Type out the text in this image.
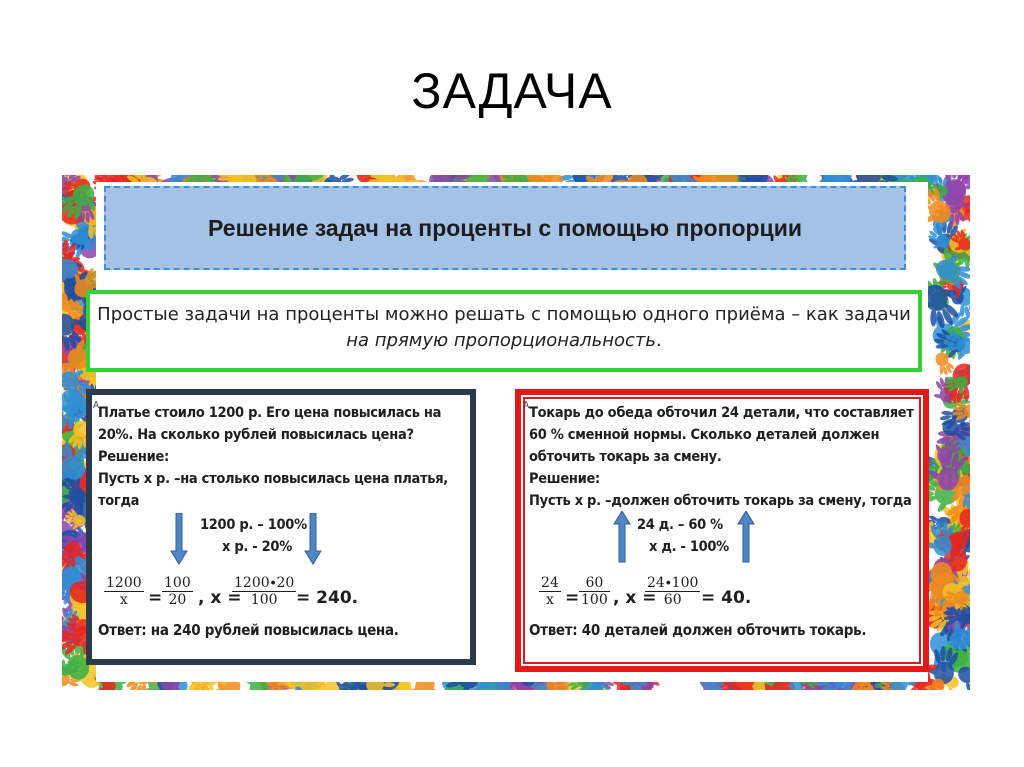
ЗАДАЧА
Решение задач на проценты с помощью пропорции

Простые задачи на проценты можно решать с помощью одного приёма – как задачи

на прямую пропорциональность.

А
Платье стоило 1200 р. Его цена повысилась на
20%. На сколько рублей повысилась цена?
Решение:
Пусть х р. –на столько повысилась цена платья,
тогда
1200 р. – 100%
х р. - 20%
$\frac{1200}{x} = \frac{100}{20}$ , х =
$\frac{1200\cdot 20}{100} = 240$.
Ответ: на 240 рублей повысилась цена.
А Токарь до обеда обточил 24 детали, что составляет
60 % сменной нормы. Сколько деталей должен
обточить токарь за смену.
Решение:
Пусть х р. –должен обточить токарь за смену, тогда
24 д. – 60 %
х д. - 100%
$\frac{24}{x} = \frac{60}{100}$ , х =
$\frac{24\cdot 100}{60} = 40$.
Ответ: 40 деталей должен обточить токарь.
